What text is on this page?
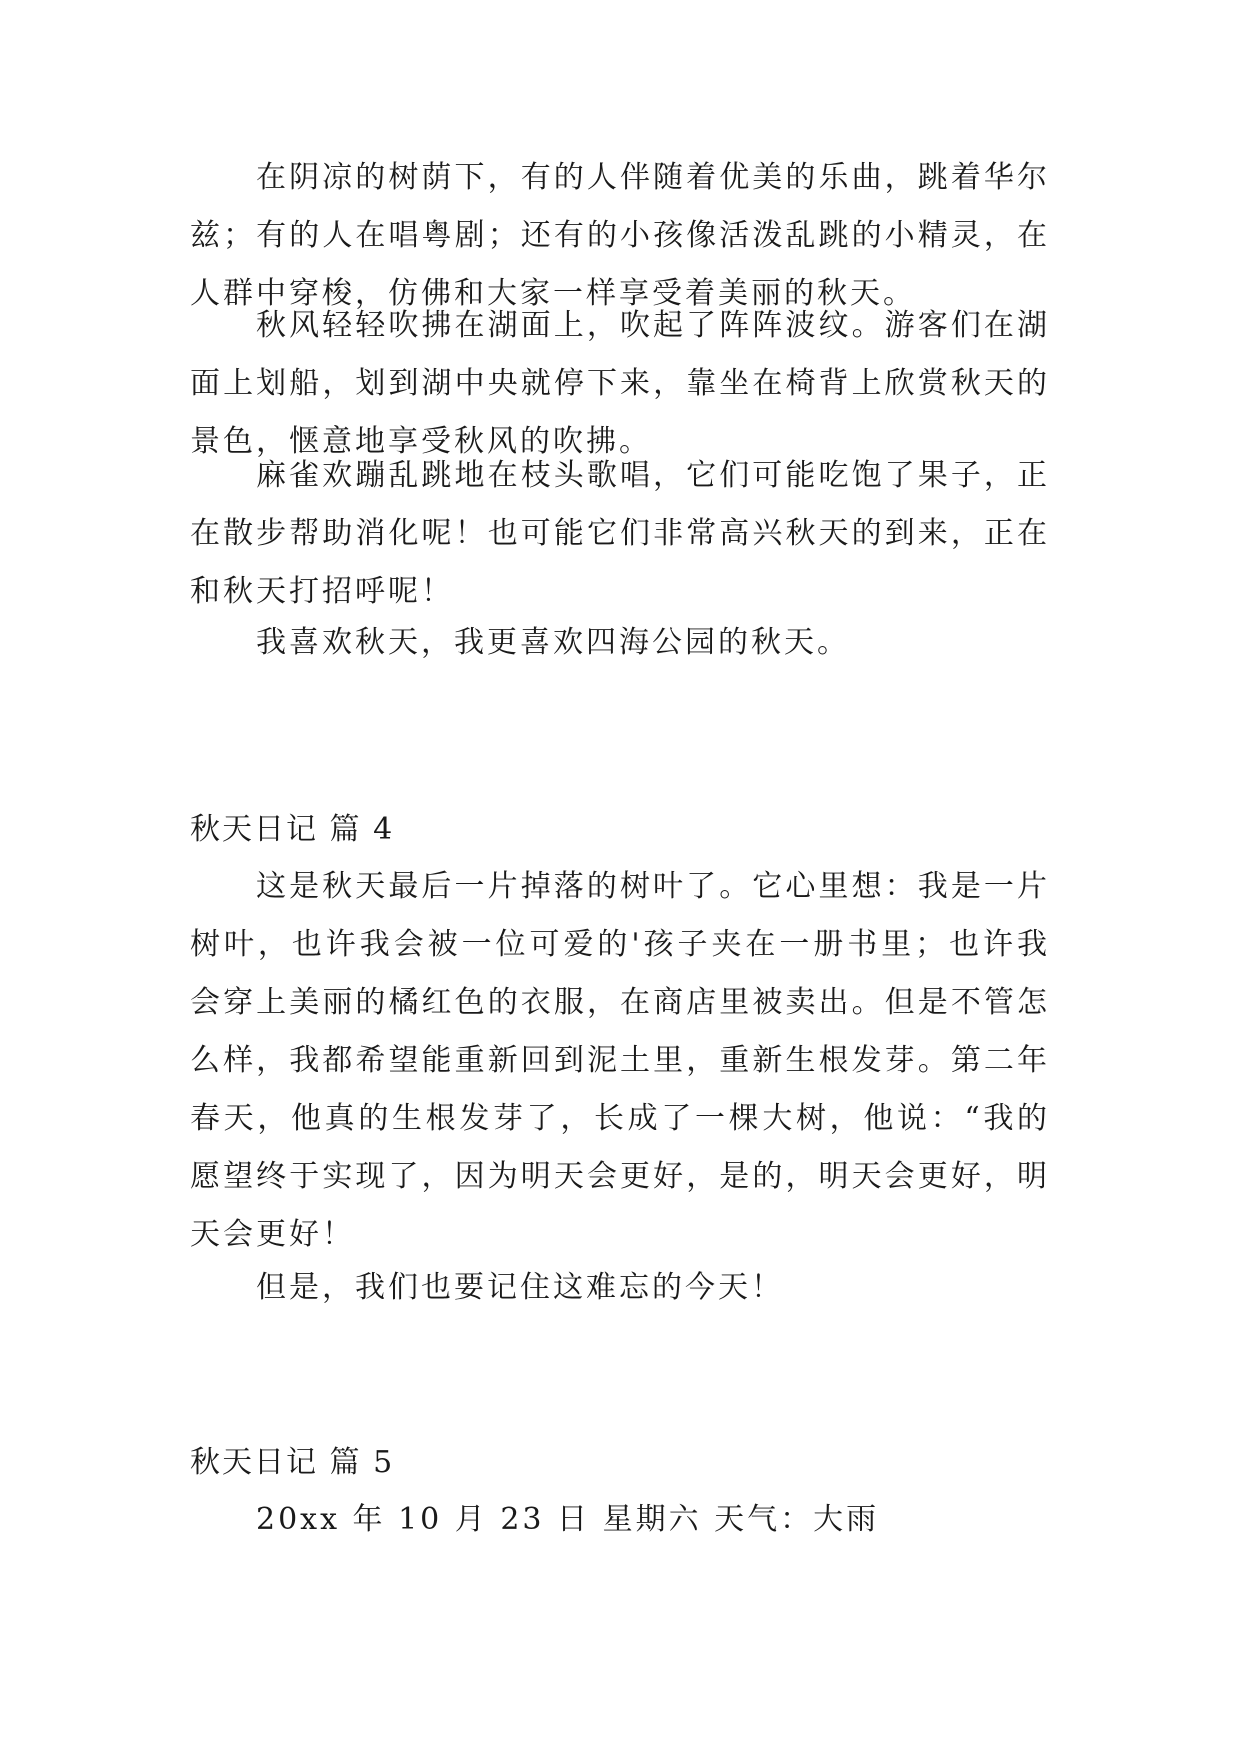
在阴凉的树荫下，有的人伴随着优美的乐曲，跳着华尔兹；有的人在唱粤剧；还有的小孩像活泼乱跳的小精灵，在人群中穿梭，仿佛和大家一样享受着美丽的秋天。

秋风轻轻吹拂在湖面上，吹起了阵阵波纹。游客们在湖面上划船，划到湖中央就停下来，靠坐在椅背上欣赏秋天的景色，惬意地享受秋风的吹拂。

麻雀欢蹦乱跳地在枝头歌唱，它们可能吃饱了果子，正在散步帮助消化呢！也可能它们非常高兴秋天的到来，正在和秋天打招呼呢！

我喜欢秋天，我更喜欢四海公园的秋天。

秋天日记 篇 4

这是秋天最后一片掉落的树叶了。它心里想：我是一片树叶，也许我会被一位可爱的'孩子夹在一册书里；也许我会穿上美丽的橘红色的衣服，在商店里被卖出。但是不管怎么样，我都希望能重新回到泥土里，重新生根发芽。第二年春天，他真的生根发芽了，长成了一棵大树，他说：“我的愿望终于实现了，因为明天会更好，是的，明天会更好，明天会更好！

但是，我们也要记住这难忘的今天！

秋天日记 篇 5

20xx 年 10 月 23 日 星期六 天气：大雨
